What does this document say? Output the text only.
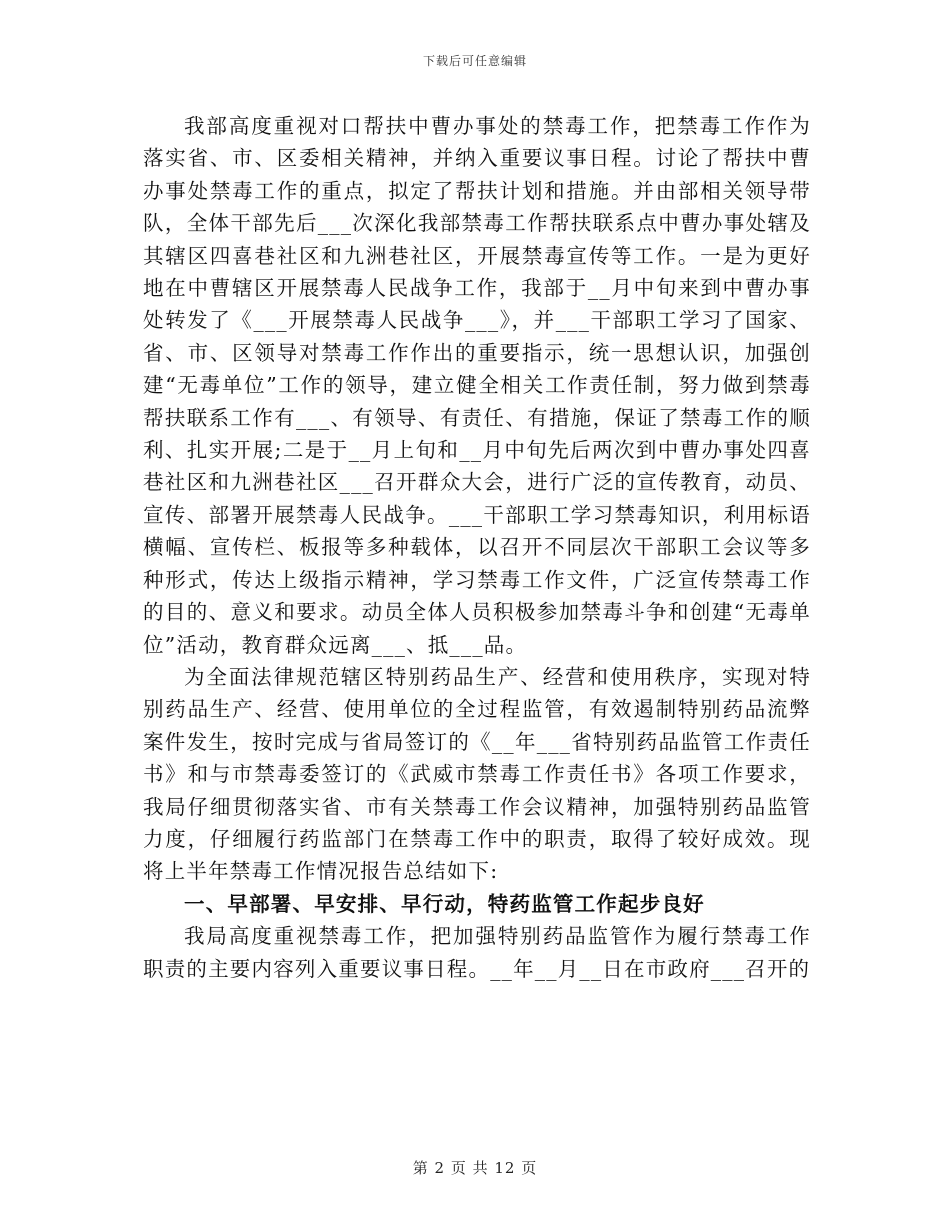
下载后可任意编辑

我部高度重视对口帮扶中曹办事处的禁毒工作，把禁毒工作作为落实省、市、区委相关精神，并纳入重要议事日程。讨论了帮扶中曹办事处禁毒工作的重点，拟定了帮扶计划和措施。并由部相关领导带队，全体干部先后___次深化我部禁毒工作帮扶联系点中曹办事处辖及其辖区四喜巷社区和九洲巷社区，开展禁毒宣传等工作。一是为更好地在中曹辖区开展禁毒人民战争工作，我部于__月中旬来到中曹办事处转发了《___开展禁毒人民战争___》，并___干部职工学习了国家、省、市、区领导对禁毒工作作出的重要指示，统一思想认识，加强创建“无毒单位”工作的领导，建立健全相关工作责任制，努力做到禁毒帮扶联系工作有___、有领导、有责任、有措施，保证了禁毒工作的顺利、扎实开展;二是于__月上旬和__月中旬先后两次到中曹办事处四喜巷社区和九洲巷社区___召开群众大会，进行广泛的宣传教育，动员、宣传、部署开展禁毒人民战争。___干部职工学习禁毒知识，利用标语横幅、宣传栏、板报等多种载体，以召开不同层次干部职工会议等多种形式，传达上级指示精神，学习禁毒工作文件，广泛宣传禁毒工作的目的、意义和要求。动员全体人员积极参加禁毒斗争和创建“无毒单位”活动，教育群众远离___、抵___品。

为全面法律规范辖区特别药品生产、经营和使用秩序，实现对特别药品生产、经营、使用单位的全过程监管，有效遏制特别药品流弊案件发生，按时完成与省局签订的《__年___省特别药品监管工作责任书》和与市禁毒委签订的《武威市禁毒工作责任书》各项工作要求，我局仔细贯彻落实省、市有关禁毒工作会议精神，加强特别药品监管力度，仔细履行药监部门在禁毒工作中的职责，取得了较好成效。现将上半年禁毒工作情况报告总结如下:

一、早部署、早安排、早行动，特药监管工作起步良好

我局高度重视禁毒工作，把加强特别药品监管作为履行禁毒工作职责的主要内容列入重要议事日程。__年__月__日在市政府___召开的

第 2 页 共 12 页
